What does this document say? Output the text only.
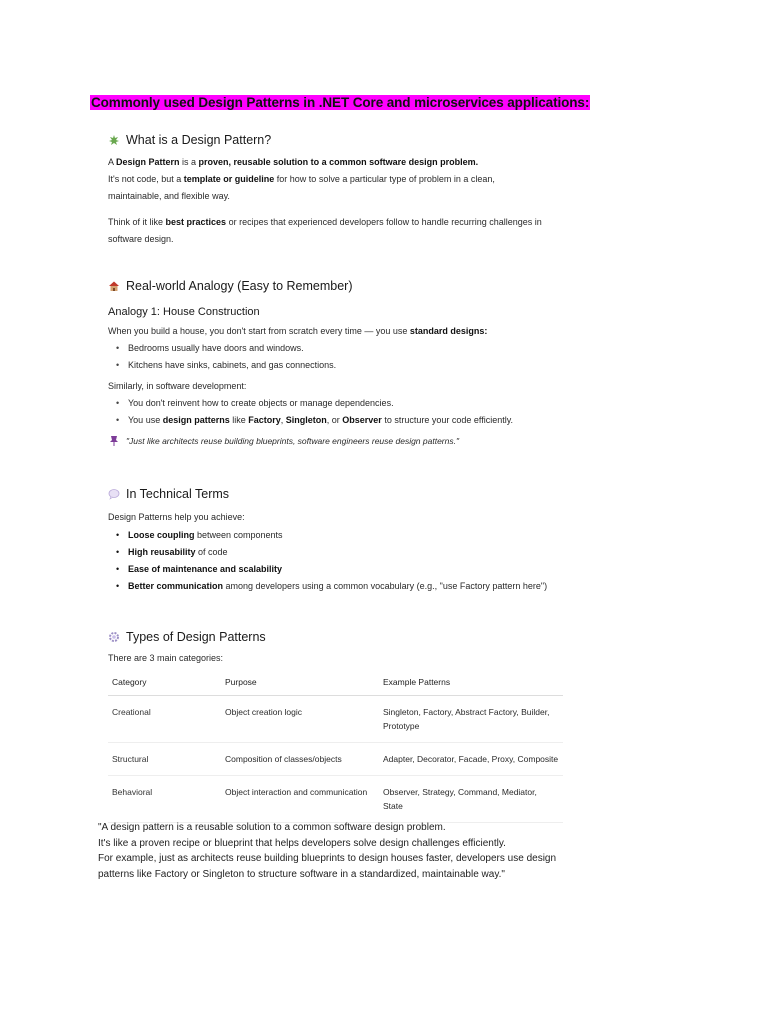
Commonly used Design Patterns in .NET Core and microservices applications:
What is a Design Pattern?

A Design Pattern is a proven, reusable solution to a common software design problem.

It's not code, but a template or guideline for how to solve a particular type of problem in a clean,
maintainable, and flexible way.

Think of it like best practices or recipes that experienced developers follow to handle recurring challenges in
software design.

Real-world Analogy (Easy to Remember)
Analogy 1: House Construction

When you build a house, you don't start from scratch every time — you use standard designs:

• Bedrooms usually have doors and windows.
• Kitchens have sinks, cabinets, and gas connections.

Similarly, in software development:

• You don't reinvent how to create objects or manage dependencies.
• You use design patterns like Factory, Singleton, or Observer to structure your code efficiently.
"Just like architects reuse building blueprints, software engineers reuse design patterns."
In Technical Terms

Design Patterns help you achieve:

• Loose coupling between components
• High reusability of code
• Ease of maintenance and scalability
• Better communication among developers using a common vocabulary (e.g., "use Factory pattern here")
Types of Design Patterns

There are 3 main categories:

Category	Purpose	Example Patterns
Creational	Object creation logic	Singleton, Factory, Abstract Factory, Builder, Prototype
Structural	Composition of classes/objects	Adapter, Decorator, Facade, Proxy, Composite
Behavioral	Object interaction and communication	Observer, Strategy, Command, Mediator, State

"A design pattern is a reusable solution to a common software design problem.

It's like a proven recipe or blueprint that helps developers solve design challenges efficiently.

For example, just as architects reuse building blueprints to design houses faster, developers use design

patterns like Factory or Singleton to structure software in a standardized, maintainable way."
